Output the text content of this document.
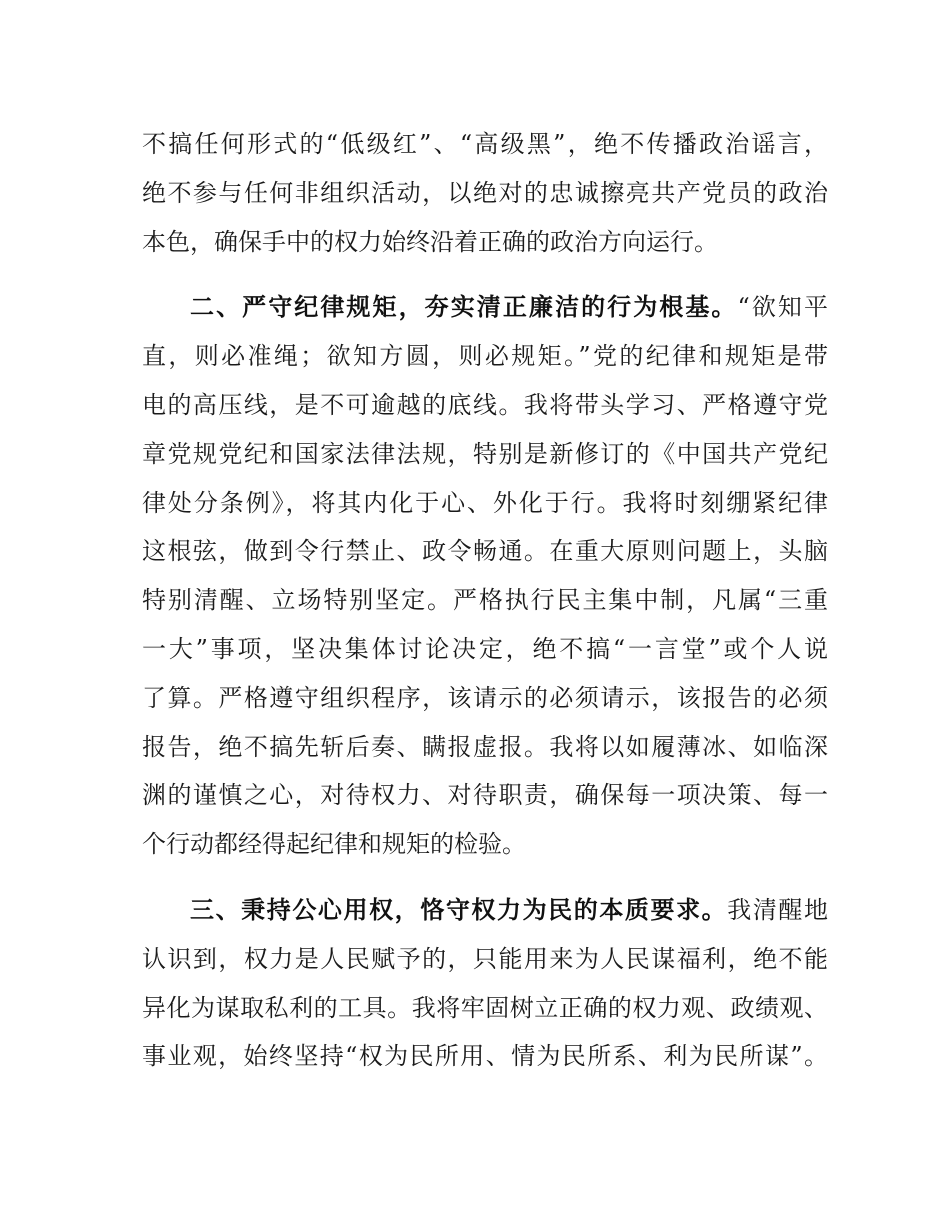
不搞任何形式的“低级红”、“高级黑”，绝不传播政治谣言，
绝不参与任何非组织活动，以绝对的忠诚擦亮共产党员的政治
本色，确保手中的权力始终沿着正确的政治方向运行。
二、严守纪律规矩，夯实清正廉洁的行为根基。“欲知平
直，则必准绳；欲知方圆，则必规矩。”党的纪律和规矩是带
电的高压线，是不可逾越的底线。我将带头学习、严格遵守党
章党规党纪和国家法律法规，特别是新修订的《中国共产党纪
律处分条例》，将其内化于心、外化于行。我将时刻绷紧纪律
这根弦，做到令行禁止、政令畅通。在重大原则问题上，头脑
特别清醒、立场特别坚定。严格执行民主集中制，凡属“三重
一大”事项，坚决集体讨论决定，绝不搞“一言堂”或个人说
了算。严格遵守组织程序，该请示的必须请示，该报告的必须
报告，绝不搞先斩后奏、瞒报虚报。我将以如履薄冰、如临深
渊的谨慎之心，对待权力、对待职责，确保每一项决策、每一
个行动都经得起纪律和规矩的检验。
三、秉持公心用权，恪守权力为民的本质要求。我清醒地
认识到，权力是人民赋予的，只能用来为人民谋福利，绝不能
异化为谋取私利的工具。我将牢固树立正确的权力观、政绩观、
事业观，始终坚持“权为民所用、情为民所系、利为民所谋”。
